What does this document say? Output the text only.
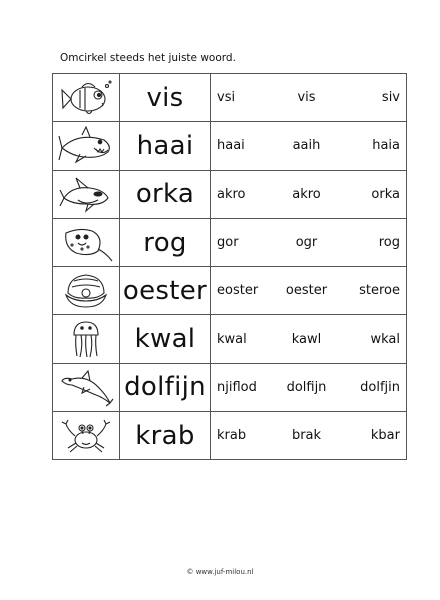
Omcirkel steeds het juiste woord.
	vis	vsi vis siv

	haai	haai aaih haia

	orka	akro akro orka

	rog	gor ogr rog

	oester	eoster oester steroe

	kwal	kwal kawl wkal

	dolfijn	njiflod dolfijn dolfjin

	krab	krab brak kbar
© www.juf-milou.nl
